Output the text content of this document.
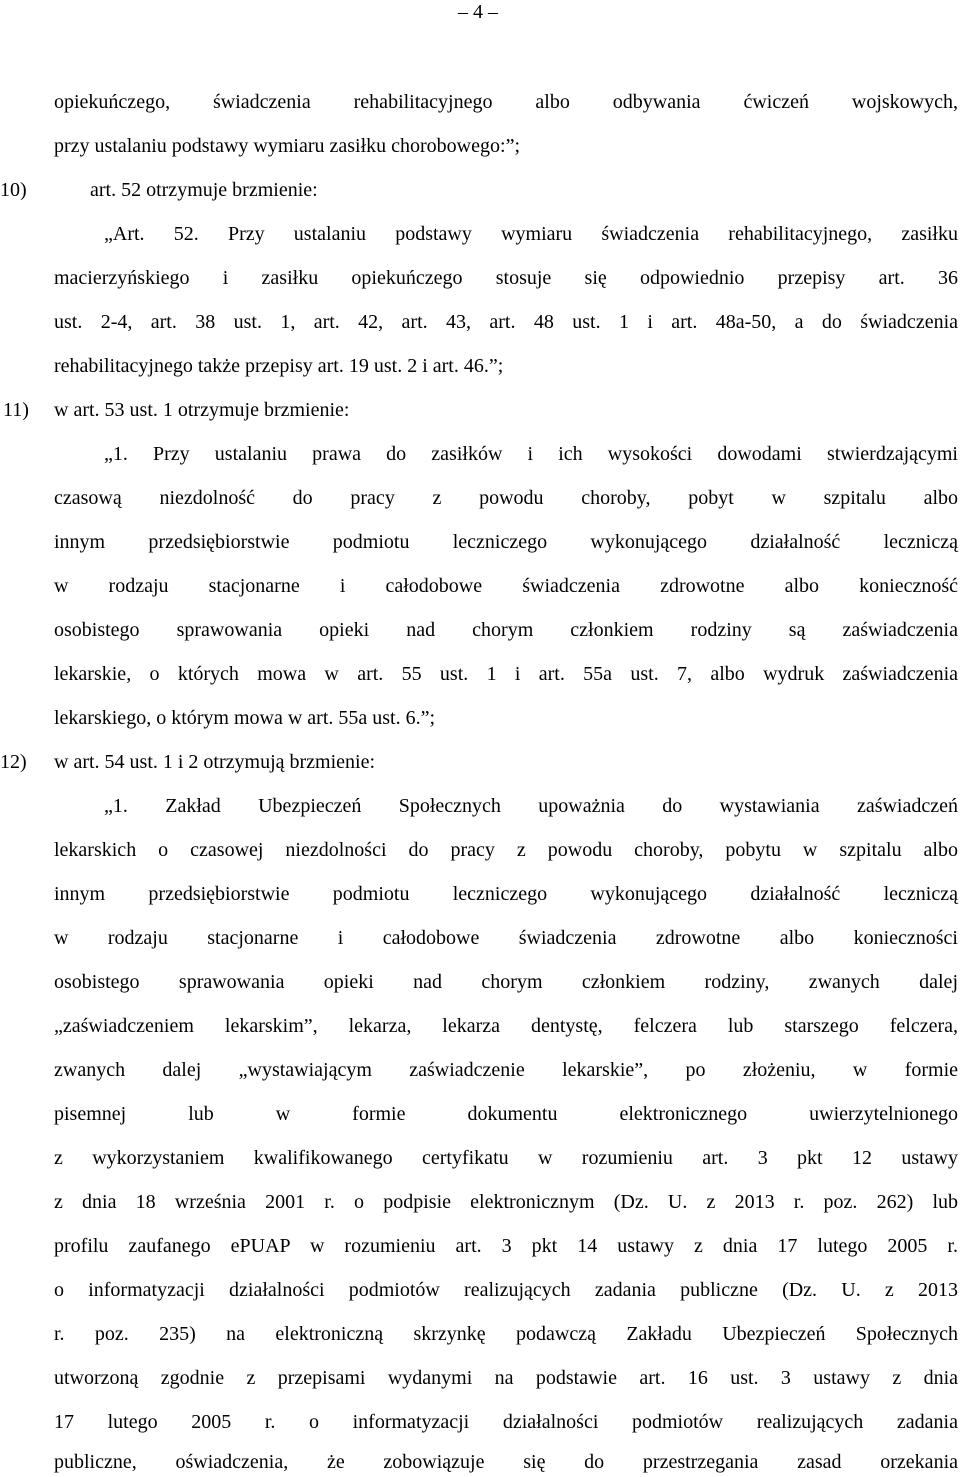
– 4 –
opiekuńczego, świadczenia rehabilitacyjnego albo odbywania ćwiczeń wojskowych,
przy ustalaniu podstawy wymiaru zasiłku chorobowego:”;
10)	art. 52 otrzymuje brzmienie:
„Art. 52. Przy ustalaniu podstawy wymiaru świadczenia rehabilitacyjnego, zasiłku
macierzyńskiego i zasiłku opiekuńczego stosuje się odpowiednio przepisy art. 36
ust. 2-4, art. 38 ust. 1, art. 42, art. 43, art. 48 ust. 1 i art. 48a-50, a do świadczenia
rehabilitacyjnego także przepisy art. 19 ust. 2 i art. 46.”;
11) w art. 53 ust. 1 otrzymuje brzmienie:
„1. Przy ustalaniu prawa do zasiłków i ich wysokości dowodami stwierdzającymi
czasową niezdolność do pracy z powodu choroby, pobyt w szpitalu albo
innym przedsiębiorstwie podmiotu leczniczego wykonującego działalność leczniczą
w rodzaju stacjonarne i całodobowe świadczenia zdrowotne albo konieczność
osobistego sprawowania opieki nad chorym członkiem rodziny są zaświadczenia
lekarskie, o których mowa w art. 55 ust. 1 i art. 55a ust. 7, albo wydruk zaświadczenia
lekarskiego, o którym mowa w art. 55a ust. 6.”;
12) w art. 54 ust. 1 i 2 otrzymują brzmienie:
„1. Zakład Ubezpieczeń Społecznych upoważnia do wystawiania zaświadczeń
lekarskich o czasowej niezdolności do pracy z powodu choroby, pobytu w szpitalu albo
innym przedsiębiorstwie podmiotu leczniczego wykonującego działalność leczniczą
w rodzaju stacjonarne i całodobowe świadczenia zdrowotne albo konieczności
osobistego sprawowania opieki nad chorym członkiem rodziny, zwanych dalej
„zaświadczeniem lekarskim”, lekarza, lekarza dentystę, felczera lub starszego felczera,
zwanych dalej „wystawiającym zaświadczenie lekarskie”, po złożeniu, w formie
pisemnej lub w formie dokumentu elektronicznego uwierzytelnionego
z wykorzystaniem kwalifikowanego certyfikatu w rozumieniu art. 3 pkt 12 ustawy
z dnia 18 września 2001 r. o podpisie elektronicznym (Dz. U. z 2013 r. poz. 262) lub
profilu zaufanego ePUAP w rozumieniu art. 3 pkt 14 ustawy z dnia 17 lutego 2005 r.
o informatyzacji działalności podmiotów realizujących zadania publiczne (Dz. U. z 2013
r. poz. 235) na elektroniczną skrzynkę podawczą Zakładu Ubezpieczeń Społecznych
utworzoną zgodnie z przepisami wydanymi na podstawie art. 16 ust. 3 ustawy z dnia
17 lutego 2005 r. o informatyzacji działalności podmiotów realizujących zadania
publiczne, oświadczenia, że zobowiązuje się do przestrzegania zasad orzekania
